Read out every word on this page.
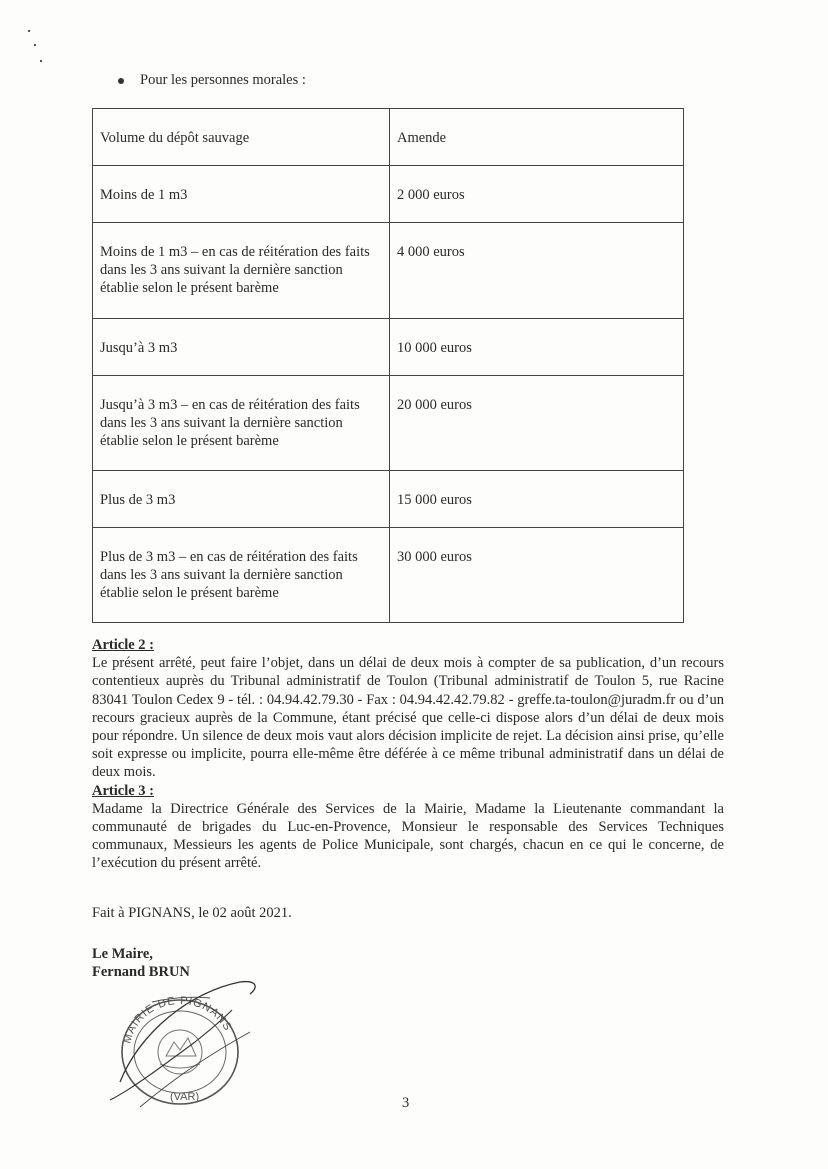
Pour les personnes morales :
Volume du dépôt sauvage	Amende
Moins de 1 m3	2 000 euros
Moins de 1 m3 – en cas de réitération des faits dans les 3 ans suivant la dernière sanction établie selon le présent barème	4 000 euros
Jusqu’à 3 m3	10 000 euros
Jusqu’à 3 m3 – en cas de réitération des faits dans les 3 ans suivant la dernière sanction établie selon le présent barème	20 000 euros
Plus de 3 m3	15 000 euros
Plus de 3 m3 – en cas de réitération des faits dans les 3 ans suivant la dernière sanction établie selon le présent barème	30 000 euros
Article 2 :

Le présent arrêté, peut faire l’objet, dans un délai de deux mois à compter de sa publication, d’un recours contentieux auprès du Tribunal administratif de Toulon (Tribunal administratif de Toulon 5, rue Racine 83041 Toulon Cedex 9 - tél. : 04.94.42.79.30 - Fax : 04.94.42.42.79.82 - greffe.ta-toulon@juradm.fr ou d’un recours gracieux auprès de la Commune, étant précisé que celle-ci dispose alors d’un délai de deux mois pour répondre. Un silence de deux mois vaut alors décision implicite de rejet. La décision ainsi prise, qu’elle soit expresse ou implicite, pourra elle-même être déférée à ce même tribunal administratif dans un délai de deux mois.

Article 3 :

Madame la Directrice Générale des Services de la Mairie, Madame la Lieutenante commandant la communauté de brigades du Luc-en-Provence, Monsieur le responsable des Services Techniques communaux, Messieurs les agents de Police Municipale, sont chargés, chacun en ce qui le concerne, de l’exécution du présent arrêté.

Fait à PIGNANS, le 02 août 2021.
Le Maire,
Fernand BRUN
MAIRIE DE PIGNANS
(VAR)	3
